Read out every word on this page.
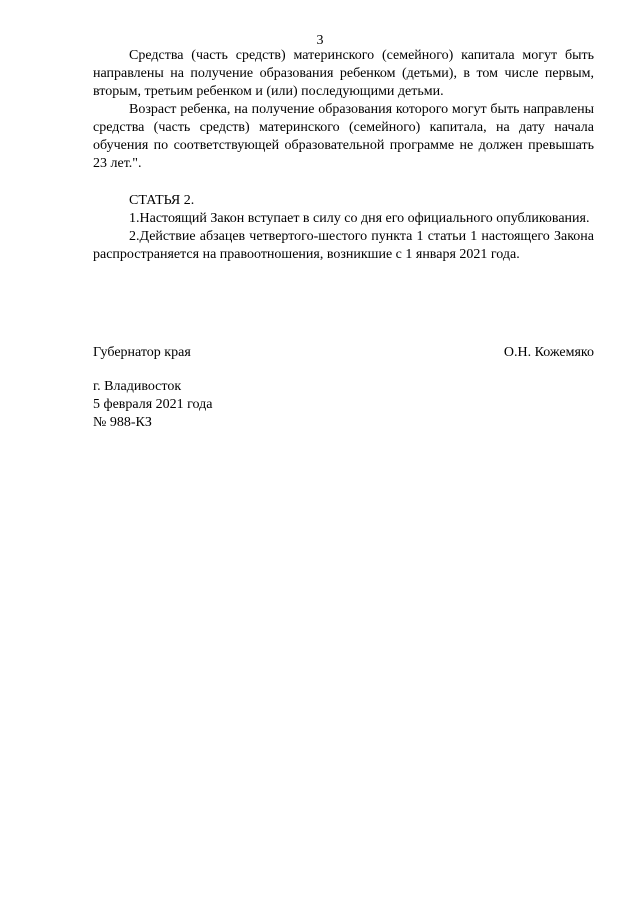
3

Средства (часть средств) материнского (семейного) капитала могут быть направлены на получение образования ребенком (детьми), в том числе первым, вторым, третьим ребенком и (или) последующими детьми.

Возраст ребенка, на получение образования которого могут быть направлены средства (часть средств) материнского (семейного) капитала, на дату начала обучения по соответствующей образовательной программе не должен превышать 23 лет.".

СТАТЬЯ 2.

1.Настоящий Закон вступает в силу со дня его официального опубликования.

2.Действие абзацев четвертого-шестого пункта 1 статьи 1 настоящего Закона распространяется на правоотношения, возникшие с 1 января 2021 года.

Губернатор края	О.Н. Кожемяко
г. Владивосток
5 февраля 2021 года
№ 988-КЗ
